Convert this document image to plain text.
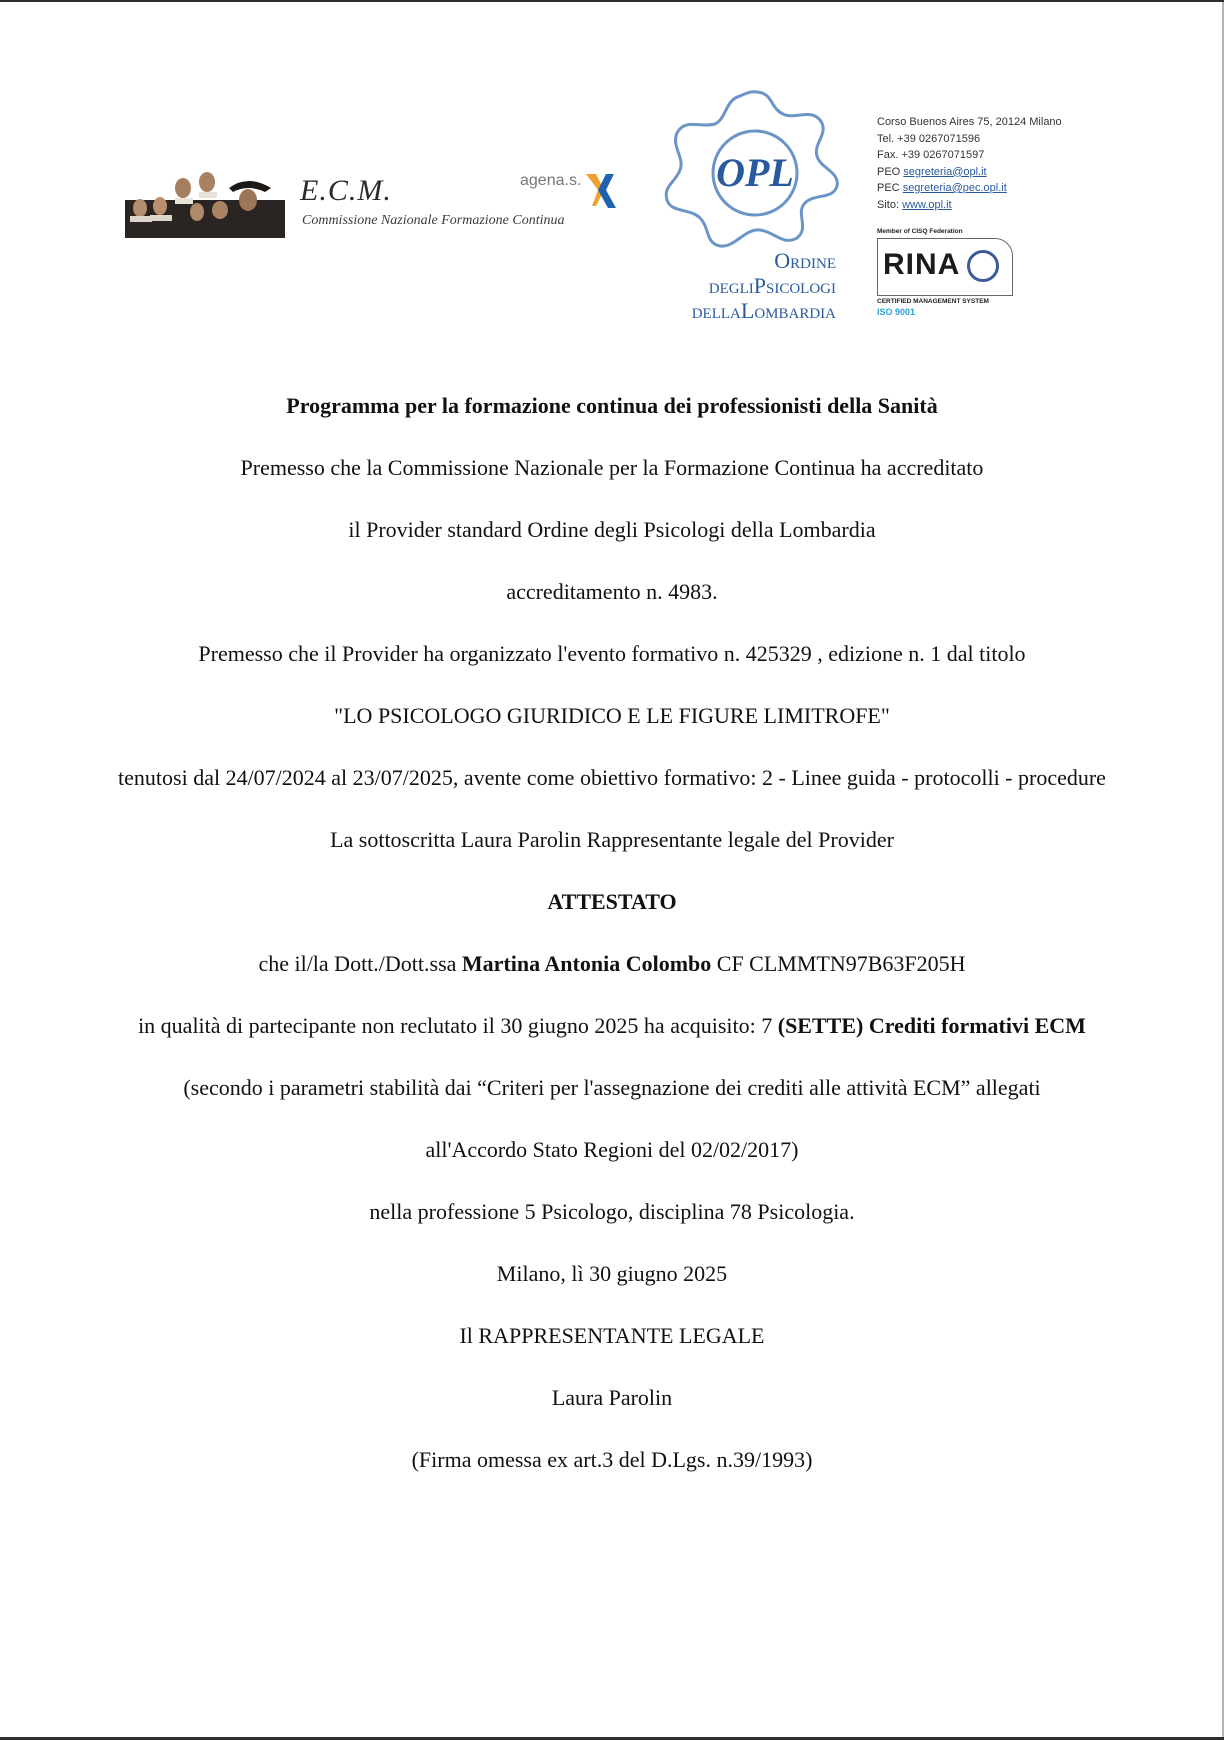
E.C.M.
Commissione Nazionale Formazione Continua
agena.s.	OPL
Ordine
DEGLIPsicologi
DELLALombardia
Corso Buenos Aires 75, 20124 Milano
Tel. +39 0267071596
Fax. +39 0267071597
PEO segreteria@opl.it
PEC segreteria@pec.opl.it
Sito: www.opl.it
Member of CISQ Federation
RINA
CERTIFIED MANAGEMENT SYSTEM
ISO 9001
Programma per la formazione continua dei professionisti della Sanità
Premesso che la Commissione Nazionale per la Formazione Continua ha accreditato
il Provider standard Ordine degli Psicologi della Lombardia
accreditamento n. 4983.
Premesso che il Provider ha organizzato l'evento formativo n. 425329 , edizione n. 1 dal titolo
"LO PSICOLOGO GIURIDICO E LE FIGURE LIMITROFE"
tenutosi dal 24/07/2024 al 23/07/2025, avente come obiettivo formativo: 2 - Linee guida - protocolli - procedure
La sottoscritta Laura Parolin Rappresentante legale del Provider
ATTESTATO
che il/la Dott./Dott.ssa Martina Antonia Colombo CF CLMMTN97B63F205H
in qualità di partecipante non reclutato il 30 giugno 2025 ha acquisito: 7 (SETTE) Crediti formativi ECM
(secondo i parametri stabilità dai “Criteri per l'assegnazione dei crediti alle attività ECM” allegati
all'Accordo Stato Regioni del 02/02/2017)
nella professione 5 Psicologo, disciplina 78 Psicologia.
Milano, lì 30 giugno 2025
Il RAPPRESENTANTE LEGALE
Laura Parolin
(Firma omessa ex art.3 del D.Lgs. n.39/1993)
